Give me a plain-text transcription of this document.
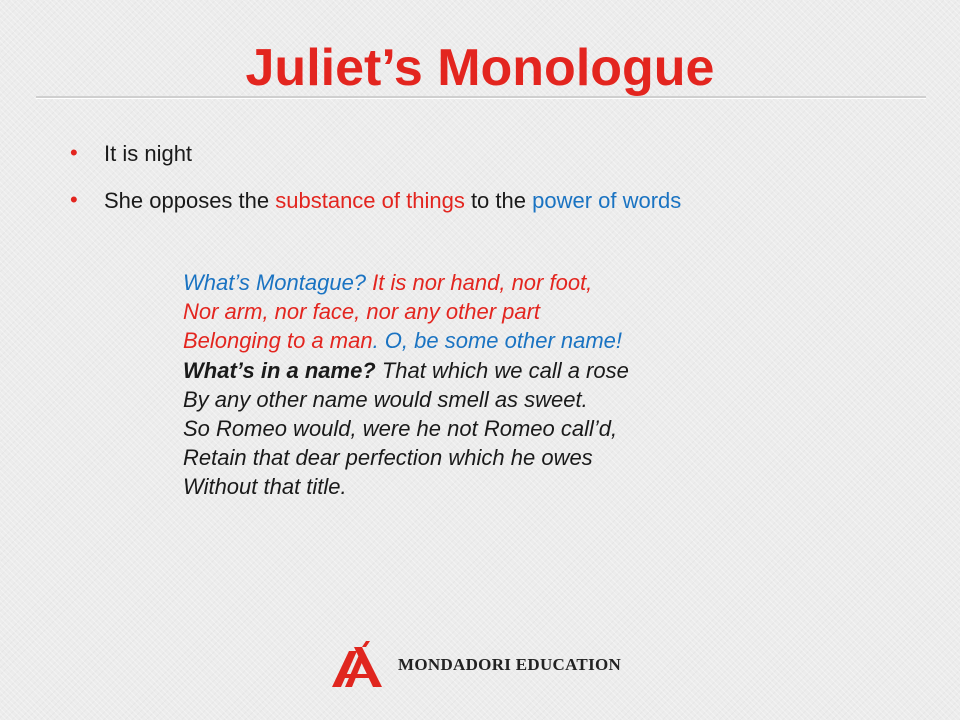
Juliet’s Monologue
• It is night
• She opposes the substance of things to the power of words
What’s Montague? It is nor hand, nor foot,
Nor arm, nor face, nor any other part
Belonging to a man. O, be some other name!
What’s in a name? That which we call a rose
By any other name would smell as sweet.
So Romeo would, were he not Romeo call’d,
Retain that dear perfection which he owes
Without that title.
MONDADORI EDUCATION
